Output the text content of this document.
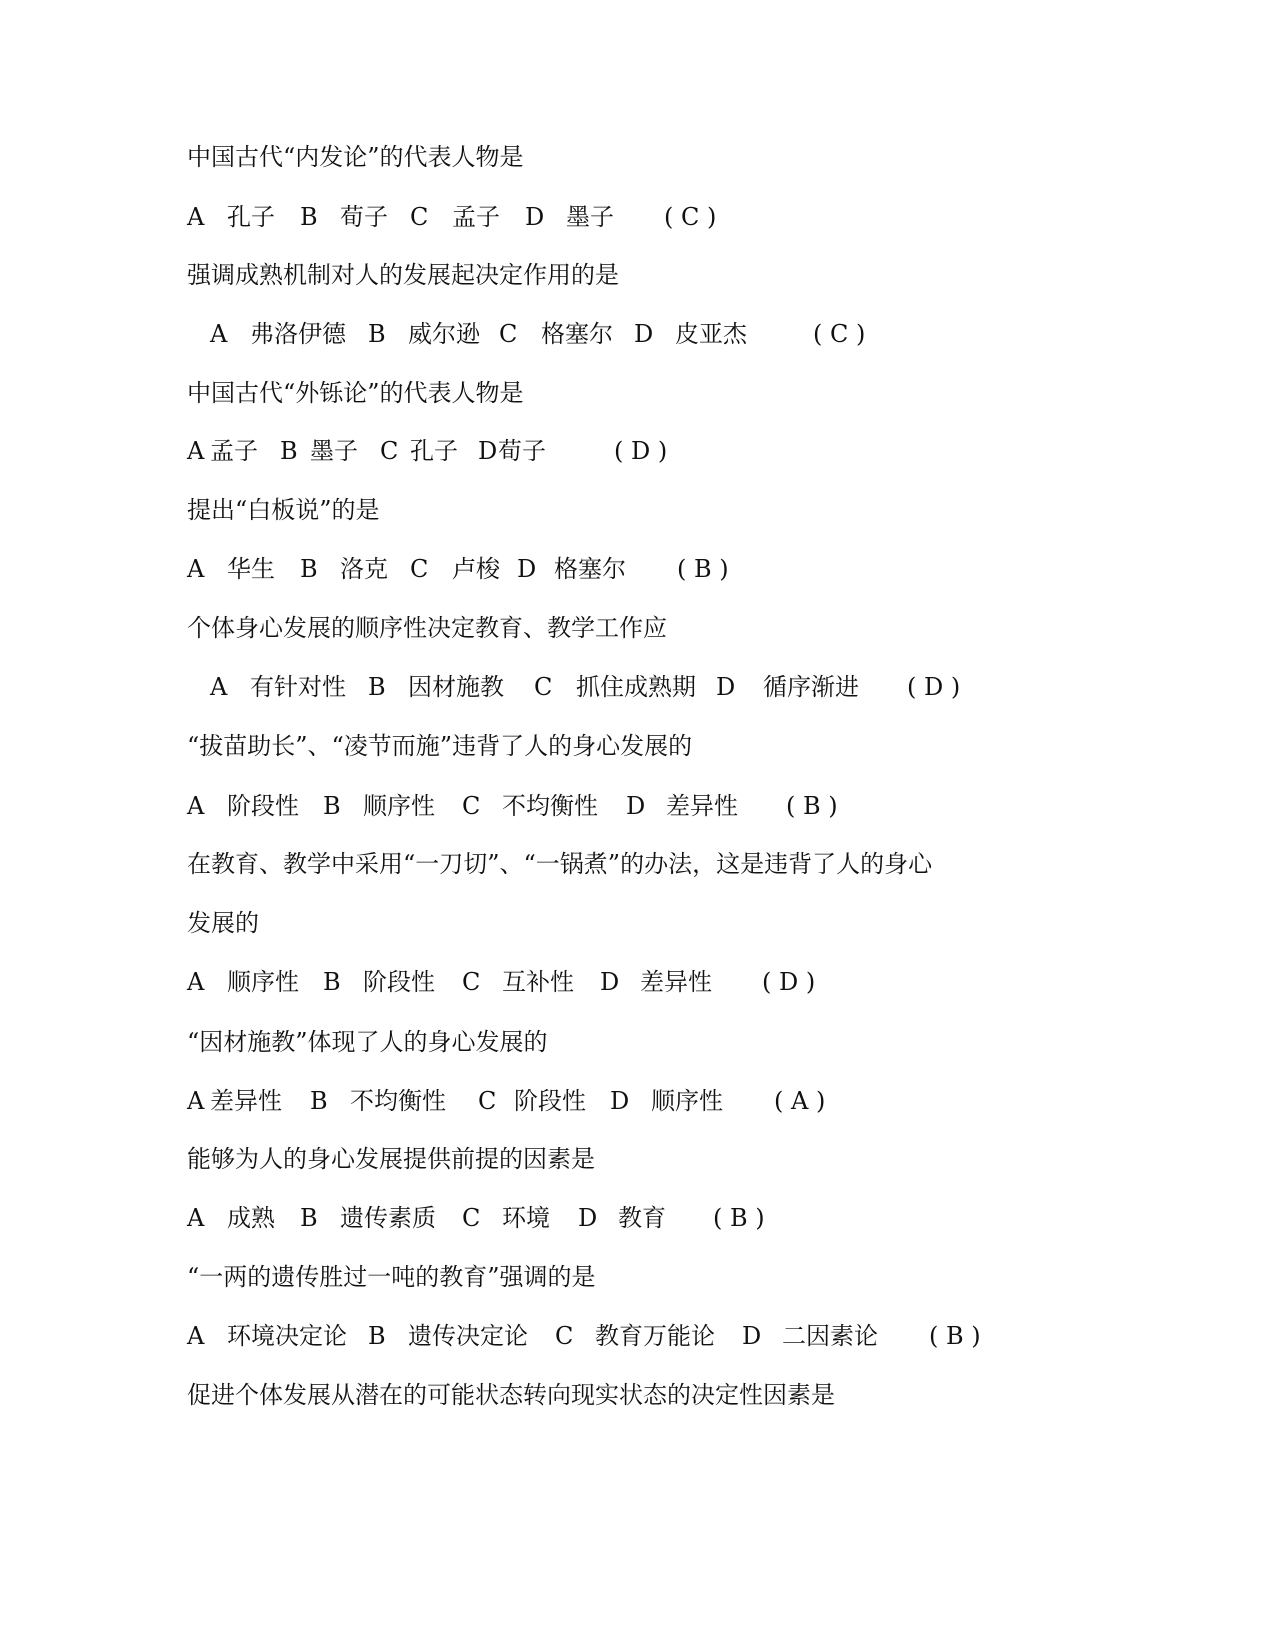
中国古代“内发论”的代表人物是
A 孔子 B 荀子 C 孟子 D 墨子 ( C )
强调成熟机制对人的发展起决定作用的是
A 弗洛伊德 B 威尔逊 C 格塞尔 D 皮亚杰	( C )
中国古代“外铄论”的代表人物是
A 孟子 B 墨子 C 孔子 D 荀子	( D )
提出“白板说”的是
A 华生 B 洛克 C 卢梭 D 格塞尔 ( B )
个体身心发展的顺序性决定教育、教学工作应
A 有针对性 B 因材施教 C 抓住成熟期 D 循序渐进 ( D )
“拔苗助长”、“凌节而施”违背了人的身心发展的
A 阶段性 B 顺序性 C 不均衡性 D 差异性 ( B )
在教育、教学中采用“一刀切”、“一锅煮”的办法，这是违背了人的身心
发展的
A 顺序性 B 阶段性 C 互补性 D 差异性 ( D )
“因材施教”体现了人的身心发展的
A 差异性 B 不均衡性 C 阶段性 D 顺序性 ( A )
能够为人的身心发展提供前提的因素是
A 成熟 B 遗传素质 C 环境 D 教育 ( B )
“一两的遗传胜过一吨的教育”强调的是
A 环境决定论 B 遗传决定论 C 教育万能论 D 二因素论 ( B )
促进个体发展从潜在的可能状态转向现实状态的决定性因素是
